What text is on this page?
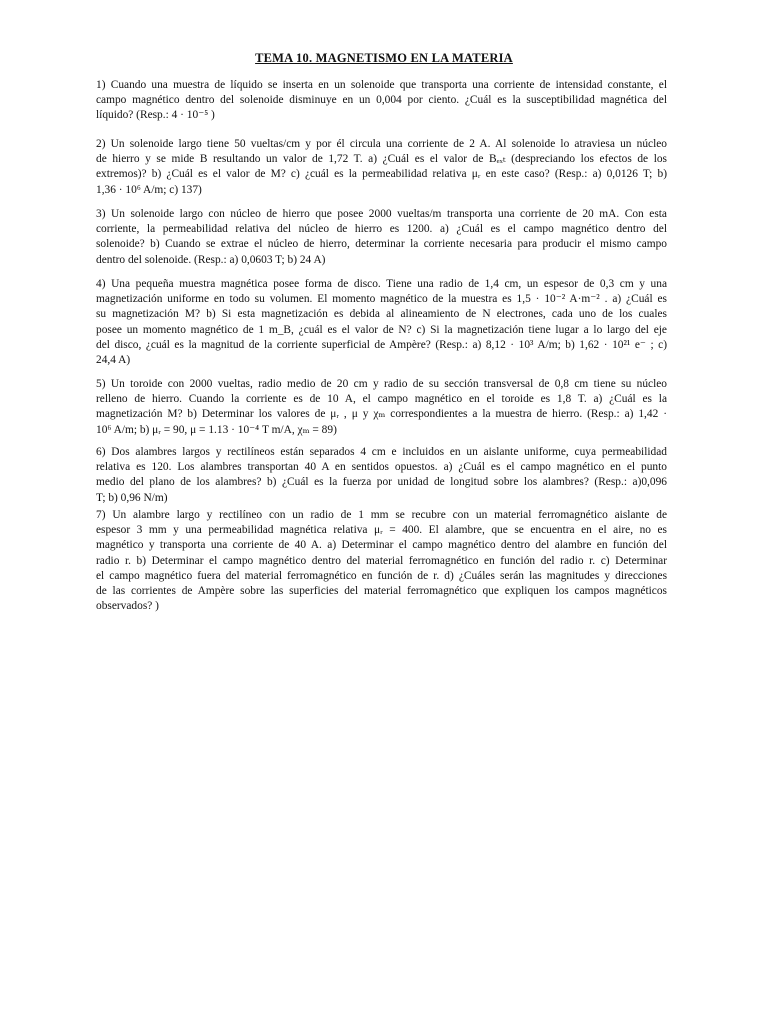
TEMA 10. MAGNETISMO EN LA MATERIA
1) Cuando una muestra de líquido se inserta en un solenoide que transporta una corriente de intensidad constante, el
campo magnético dentro del solenoide disminuye en un 0,004 por ciento. ¿Cuál es la susceptibilidad magnética del
líquido? (Resp.: 4 · 10⁻⁵ )
2) Un solenoide largo tiene 50 vueltas/cm y por él circula una corriente de 2 A. Al solenoide lo atraviesa un núcleo
de hierro y se mide B resultando un valor de 1,72 T. a) ¿Cuál es el valor de Bₑₓₜ (despreciando los efectos de los
extremos)? b) ¿Cuál es el valor de M? c) ¿cuál es la permeabilidad relativa μᵣ en este caso? (Resp.: a) 0,0126 T; b)
1,36 · 10⁶ A/m; c) 137)
3) Un solenoide largo con núcleo de hierro que posee 2000 vueltas/m transporta una corriente de 20 mA. Con esta
corriente, la permeabilidad relativa del núcleo de hierro es 1200. a) ¿Cuál es el campo magnético dentro del
solenoide? b) Cuando se extrae el núcleo de hierro, determinar la corriente necesaria para producir el mismo campo
dentro del solenoide. (Resp.: a) 0,0603 T; b) 24 A)
4) Una pequeña muestra magnética posee forma de disco. Tiene una radio de 1,4 cm, un espesor de 0,3 cm y una
magnetización uniforme en todo su volumen. El momento magnético de la muestra es 1,5 · 10⁻² A·m⁻² . a) ¿Cuál es
su magnetización M? b) Si esta magnetización es debida al alineamiento de N electrones, cada uno de los cuales
posee un momento magnético de 1 m_B, ¿cuál es el valor de N? c) Si la magnetización tiene lugar a lo largo del eje
del disco, ¿cuál es la magnitud de la corriente superficial de Ampère? (Resp.: a) 8,12 · 10³ A/m; b) 1,62 · 10²¹ e⁻ ; c)
24,4 A)
5) Un toroide con 2000 vueltas, radio medio de 20 cm y radio de su sección transversal de 0,8 cm tiene su núcleo
relleno de hierro. Cuando la corriente es de 10 A, el campo magnético en el toroide es 1,8 T. a) ¿Cuál es la
magnetización M? b) Determinar los valores de μᵣ , μ y χₘ correspondientes a la muestra de hierro. (Resp.: a) 1,42 ·
10⁶ A/m; b) μᵣ = 90, μ = 1.13 · 10⁻⁴ T m/A, χₘ = 89)
6) Dos alambres largos y rectilíneos están separados 4 cm e incluidos en un aislante uniforme, cuya permeabilidad
relativa es 120. Los alambres transportan 40 A en sentidos opuestos. a) ¿Cuál es el campo magnético en el punto
medio del plano de los alambres? b) ¿Cuál es la fuerza por unidad de longitud sobre los alambres? (Resp.: a)0,096
T; b) 0,96 N/m)
7) Un alambre largo y rectilíneo con un radio de 1 mm se recubre con un material ferromagnético aislante de
espesor 3 mm y una permeabilidad magnética relativa μᵣ = 400. El alambre, que se encuentra en el aire, no es
magnético y transporta una corriente de 40 A. a) Determinar el campo magnético dentro del alambre en función del
radio r. b) Determinar el campo magnético dentro del material ferromagnético en función del radio r. c) Determinar
el campo magnético fuera del material ferromagnético en función de r. d) ¿Cuáles serán las magnitudes y direcciones
de las corrientes de Ampère sobre las superficies del material ferromagnético que expliquen los campos magnéticos
observados? )
